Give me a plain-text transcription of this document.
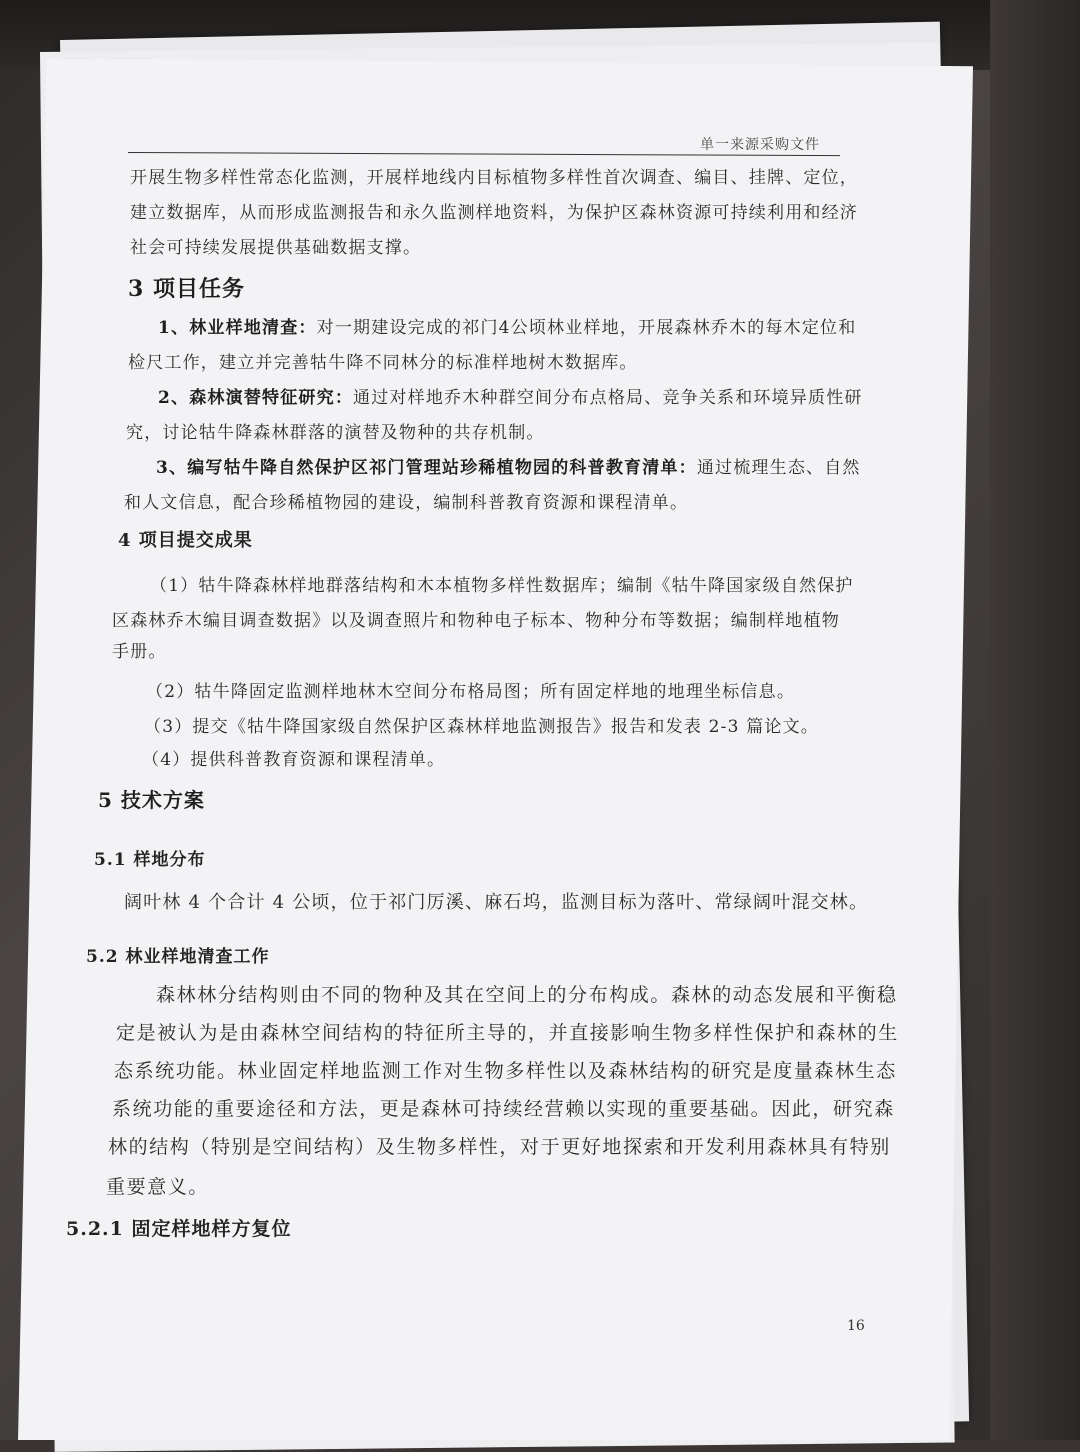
单一来源采购文件
开展生物多样性常态化监测，开展样地线内目标植物多样性首次调查、编目、挂牌、定位，
建立数据库，从而形成监测报告和永久监测样地资料，为保护区森林资源可持续利用和经济
社会可持续发展提供基础数据支撑。
3 项目任务
1、林业样地清查：对一期建设完成的祁门4公顷林业样地，开展森林乔木的每木定位和
检尺工作，建立并完善牯牛降不同林分的标准样地树木数据库。
2、森林演替特征研究：通过对样地乔木种群空间分布点格局、竞争关系和环境异质性研
究，讨论牯牛降森林群落的演替及物种的共存机制。
3、编写牯牛降自然保护区祁门管理站珍稀植物园的科普教育清单：通过梳理生态、自然
和人文信息，配合珍稀植物园的建设，编制科普教育资源和课程清单。
4 项目提交成果
（1）牯牛降森林样地群落结构和木本植物多样性数据库；编制《牯牛降国家级自然保护
区森林乔木编目调查数据》以及调查照片和物种电子标本、物种分布等数据；编制样地植物
手册。
（2）牯牛降固定监测样地林木空间分布格局图；所有固定样地的地理坐标信息。
（3）提交《牯牛降国家级自然保护区森林样地监测报告》报告和发表 2-3 篇论文。
（4）提供科普教育资源和课程清单。
5 技术方案
5.1 样地分布
阔叶林 4 个合计 4 公顷，位于祁门厉溪、麻石坞，监测目标为落叶、常绿阔叶混交林。
5.2 林业样地清查工作
森林林分结构则由不同的物种及其在空间上的分布构成。森林的动态发展和平衡稳
定是被认为是由森林空间结构的特征所主导的，并直接影响生物多样性保护和森林的生
态系统功能。林业固定样地监测工作对生物多样性以及森林结构的研究是度量森林生态
系统功能的重要途径和方法，更是森林可持续经营赖以实现的重要基础。因此，研究森
林的结构（特别是空间结构）及生物多样性，对于更好地探索和开发利用森林具有特别
重要意义。
5.2.1 固定样地样方复位
16
